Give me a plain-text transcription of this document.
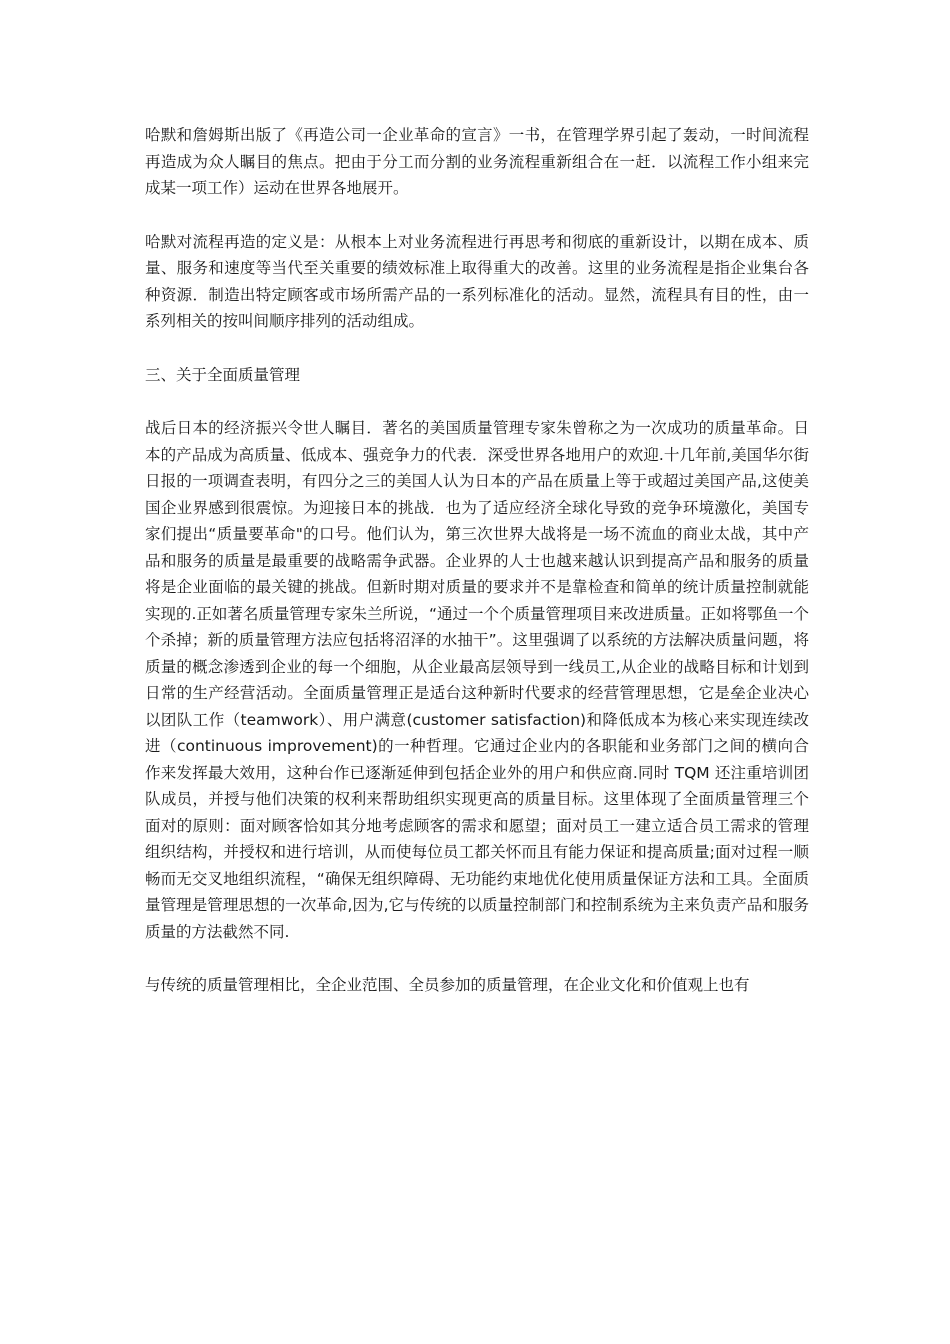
哈默和詹姆斯出版了《再造公司一企业革命的宣言》一书，在管理学界引起了轰动，一时间流程再造成为众人瞩目的焦点。把由于分工而分割的业务流程重新组合在一赶．以流程工作小组来完成某一项工作）运动在世界各地展开。

哈默对流程再造的定义是：从根本上对业务流程进行再思考和彻底的重新设计，以期在成本、质量、服务和速度等当代至关重要的绩效标准上取得重大的改善。这里的业务流程是指企业集台各种资源．制造出特定顾客或市场所需产品的一系列标准化的活动。显然，流程具有目的性，由一系列相关的按叫间顺序排列的活动组成。

三、关于全面质量管理

战后日本的经济振兴令世人瞩目．著名的美国质量管理专家朱曾称之为一次成功的质量革命。日本的产品成为高质量、低成本、强竞争力的代表．深受世界各地用户的欢迎.十几年前,美国华尔街日报的一项调查表明，有四分之三的美国人认为日本的产品在质量上等于或超过美国产品,这使美国企业界感到很震惊。为迎接日本的挑战．也为了适应经济全球化导致的竞争环境激化，美国专家们提出“质量要革命"的口号。他们认为，第三次世界大战将是一场不流血的商业太战，其中产品和服务的质量是最重要的战略需争武器。企业界的人士也越来越认识到提高产品和服务的质量将是企业面临的最关键的挑战。但新时期对质量的要求并不是靠检查和简单的统计质量控制就能实现的.正如著名质量管理专家朱兰所说，“通过一个个质量管理项目来改进质量。正如将鄂鱼一个个杀掉；新的质量管理方法应包括将沼泽的水抽干”。这里强调了以系统的方法解决质量问题，将质量的概念渗透到企业的每一个细胞，从企业最高层领导到一线员工,从企业的战略目标和计划到日常的生产经营活动。全面质量管理正是适台这种新时代要求的经营管理思想，它是垒企业决心以团队工作（teamwork）、用户满意(customer satisfaction)和降低成本为核心来实现连续改进（continuous improvement)的一种哲理。它通过企业内的各职能和业务部门之间的横向合作来发挥最大效用，这种台作已逐渐延伸到包括企业外的用户和供应商.同时 TQM 还注重培训团队成员，并授与他们决策的权利来帮助组织实现更高的质量目标。这里体现了全面质量管理三个面对的原则：面对顾客恰如其分地考虑顾客的需求和愿望；面对员工一建立适合员工需求的管理组织结构，并授权和进行培训，从而使每位员工都关怀而且有能力保证和提高质量;面对过程一顺畅而无交叉地组织流程，“确保无组织障碍、无功能约束地优化使用质量保证方法和工具。全面质量管理是管理思想的一次革命,因为,它与传统的以质量控制部门和控制系统为主来负责产品和服务质量的方法截然不同.

与传统的质量管理相比，全企业范围、全员参加的质量管理，在企业文化和价值观上也有
